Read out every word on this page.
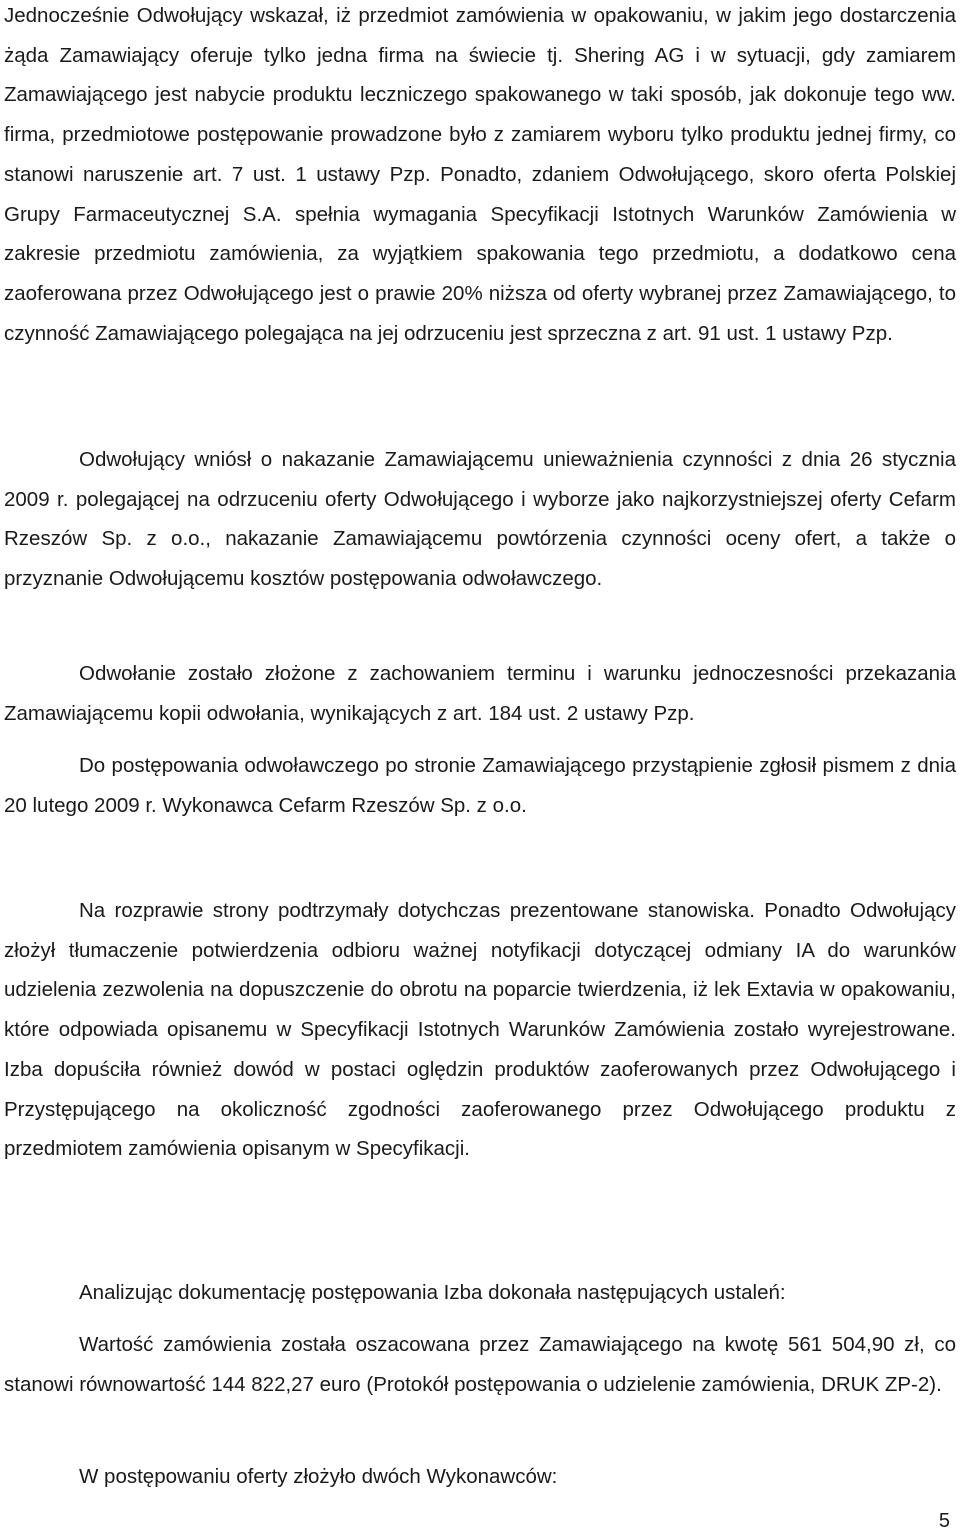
Jednocześnie Odwołujący wskazał, iż przedmiot zamówienia w opakowaniu, w jakim jego dostarczenia żąda Zamawiający oferuje tylko jedna firma na świecie tj. Shering AG i w sytuacji, gdy zamiarem Zamawiającego jest nabycie produktu leczniczego spakowanego w taki sposób, jak dokonuje tego ww. firma, przedmiotowe postępowanie prowadzone było z zamiarem wyboru tylko produktu jednej firmy, co stanowi naruszenie art. 7 ust. 1 ustawy Pzp. Ponadto, zdaniem Odwołującego, skoro oferta Polskiej Grupy Farmaceutycznej S.A. spełnia wymagania Specyfikacji Istotnych Warunków Zamówienia w zakresie przedmiotu zamówienia, za wyjątkiem spakowania tego przedmiotu, a dodatkowo cena zaoferowana przez Odwołującego jest o prawie 20% niższa od oferty wybranej przez Zamawiającego, to czynność Zamawiającego polegająca na jej odrzuceniu jest sprzeczna z art. 91 ust. 1 ustawy Pzp.

Odwołujący wniósł o nakazanie Zamawiającemu unieważnienia czynności z dnia 26 stycznia 2009 r. polegającej na odrzuceniu oferty Odwołującego i wyborze jako najkorzystniejszej oferty Cefarm Rzeszów Sp. z o.o., nakazanie Zamawiającemu powtórzenia czynności oceny ofert, a także o przyznanie Odwołującemu kosztów postępowania odwoławczego.

Odwołanie zostało złożone z zachowaniem terminu i warunku jednoczesności przekazania Zamawiającemu kopii odwołania, wynikających z art. 184 ust. 2 ustawy Pzp.

Do postępowania odwoławczego po stronie Zamawiającego przystąpienie zgłosił pismem z dnia 20 lutego 2009 r. Wykonawca Cefarm Rzeszów Sp. z o.o.

Na rozprawie strony podtrzymały dotychczas prezentowane stanowiska. Ponadto Odwołujący złożył tłumaczenie potwierdzenia odbioru ważnej notyfikacji dotyczącej odmiany IA do warunków udzielenia zezwolenia na dopuszczenie do obrotu na poparcie twierdzenia, iż lek Extavia w opakowaniu, które odpowiada opisanemu w Specyfikacji Istotnych Warunków Zamówienia zostało wyrejestrowane. Izba dopuściła również dowód w postaci oględzin produktów zaoferowanych przez Odwołującego i Przystępującego na okoliczność zgodności zaoferowanego przez Odwołującego produktu z przedmiotem zamówienia opisanym w Specyfikacji.

Analizując dokumentację postępowania Izba dokonała następujących ustaleń:

Wartość zamówienia została oszacowana przez Zamawiającego na kwotę 561 504,90 zł, co stanowi równowartość 144 822,27 euro (Protokół postępowania o udzielenie zamówienia, DRUK ZP-2).

W postępowaniu oferty złożyło dwóch Wykonawców:

5
